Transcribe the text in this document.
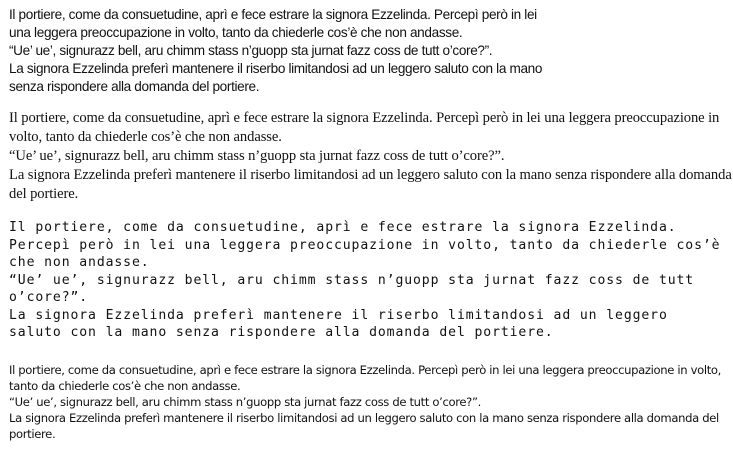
Il portiere, come da consuetudine, aprì e fece estrare la signora Ezzelinda. Percepì però in lei una leggera preoccupazione in volto, tanto da chiederle cos’è che non andasse.

“Ue’ ue’, signurazz bell, aru chimm stass n’guopp sta jurnat fazz coss de tutt o’core?”.

La signora Ezzelinda preferì mantenere il riserbo limitandosi ad un leggero saluto con la mano senza rispondere alla domanda del portiere.

Il portiere, come da consuetudine, aprì e fece estrare la signora Ezzelinda. Percepì però in lei una leggera preoccupazione in volto, tanto da chiederle cos’è che non andasse.

“Ue’ ue’, signurazz bell, aru chimm stass n’guopp sta jurnat fazz coss de tutt o’core?”.

La signora Ezzelinda preferì mantenere il riserbo limitandosi ad un leggero saluto con la mano senza rispondere alla domanda del portiere.

Il portiere, come da consuetudine, aprì e fece estrare la signora Ezzelinda. Percepì però in lei una leggera preoccupazione in volto, tanto da chiederle cos’è che non andasse.

“Ue’ ue’, signurazz bell, aru chimm stass n’guopp sta jurnat fazz coss de tutt o’core?”.

La signora Ezzelinda preferì mantenere il riserbo limitandosi ad un leggero saluto con la mano senza rispondere alla domanda del portiere.

Il portiere, come da consuetudine, aprì e fece estrare la signora Ezzelinda. Percepì però in lei una leggera preoccupazione in volto, tanto da chiederle cos’è che non andasse.

“Ue’ ue’, signurazz bell, aru chimm stass n’guopp sta jurnat fazz coss de tutt o’core?”.

La signora Ezzelinda preferì mantenere il riserbo limitandosi ad un leggero saluto con la mano senza rispondere alla domanda del portiere.
